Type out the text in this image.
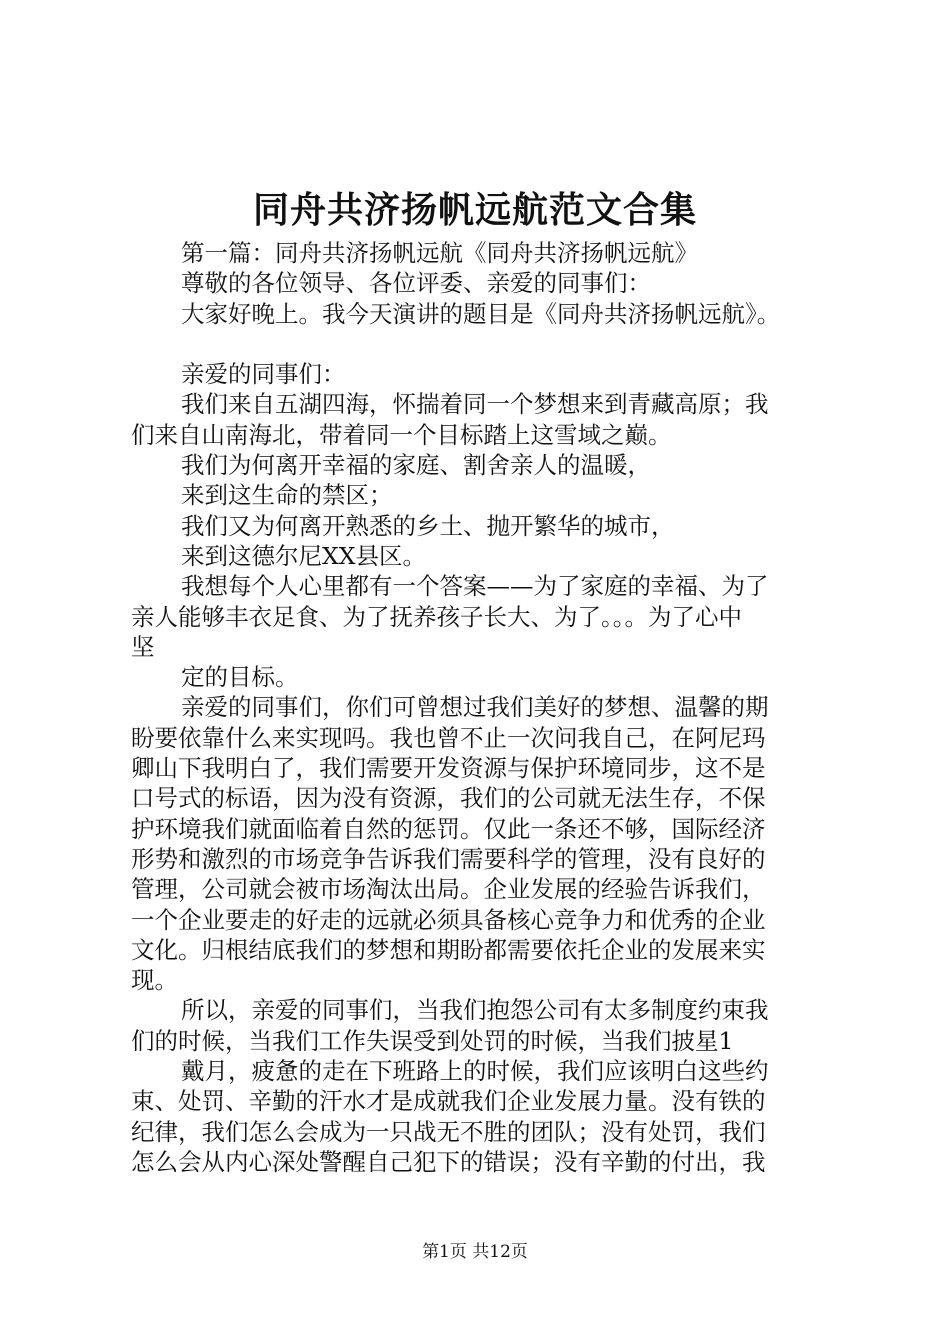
同舟共济扬帆远航范文合集

第一篇：同舟共济扬帆远航《同舟共济扬帆远航》

尊敬的各位领导、各位评委、亲爱的同事们：

大家好晚上。我今天演讲的题目是《同舟共济扬帆远航》。

亲爱的同事们：

我们来自五湖四海，怀揣着同一个梦想来到青藏高原；我

们来自山南海北，带着同一个目标踏上这雪域之巅。

我们为何离开幸福的家庭、割舍亲人的温暖，

来到这生命的禁区；

我们又为何离开熟悉的乡土、抛开繁华的城市，

来到这德尔尼XX县区。

我想每个人心里都有一个答案——为了家庭的幸福、为了

亲人能够丰衣足食、为了抚养孩子长大、为了。。。为了心中

坚

定的目标。

亲爱的同事们，你们可曾想过我们美好的梦想、温馨的期

盼要依靠什么来实现吗。我也曾不止一次问我自己，在阿尼玛

卿山下我明白了，我们需要开发资源与保护环境同步，这不是

口号式的标语，因为没有资源，我们的公司就无法生存，不保

护环境我们就面临着自然的惩罚。仅此一条还不够，国际经济

形势和激烈的市场竞争告诉我们需要科学的管理，没有良好的

管理，公司就会被市场淘汰出局。企业发展的经验告诉我们，

一个企业要走的好走的远就必须具备核心竞争力和优秀的企业

文化。归根结底我们的梦想和期盼都需要依托企业的发展来实

现。

所以，亲爱的同事们，当我们抱怨公司有太多制度约束我

们的时候，当我们工作失误受到处罚的时候，当我们披星1

戴月，疲惫的走在下班路上的时候，我们应该明白这些约

束、处罚、辛勤的汗水才是成就我们企业发展力量。没有铁的

纪律，我们怎么会成为一只战无不胜的团队；没有处罚，我们

怎么会从内心深处警醒自己犯下的错误；没有辛勤的付出，我

第1页 共12页
